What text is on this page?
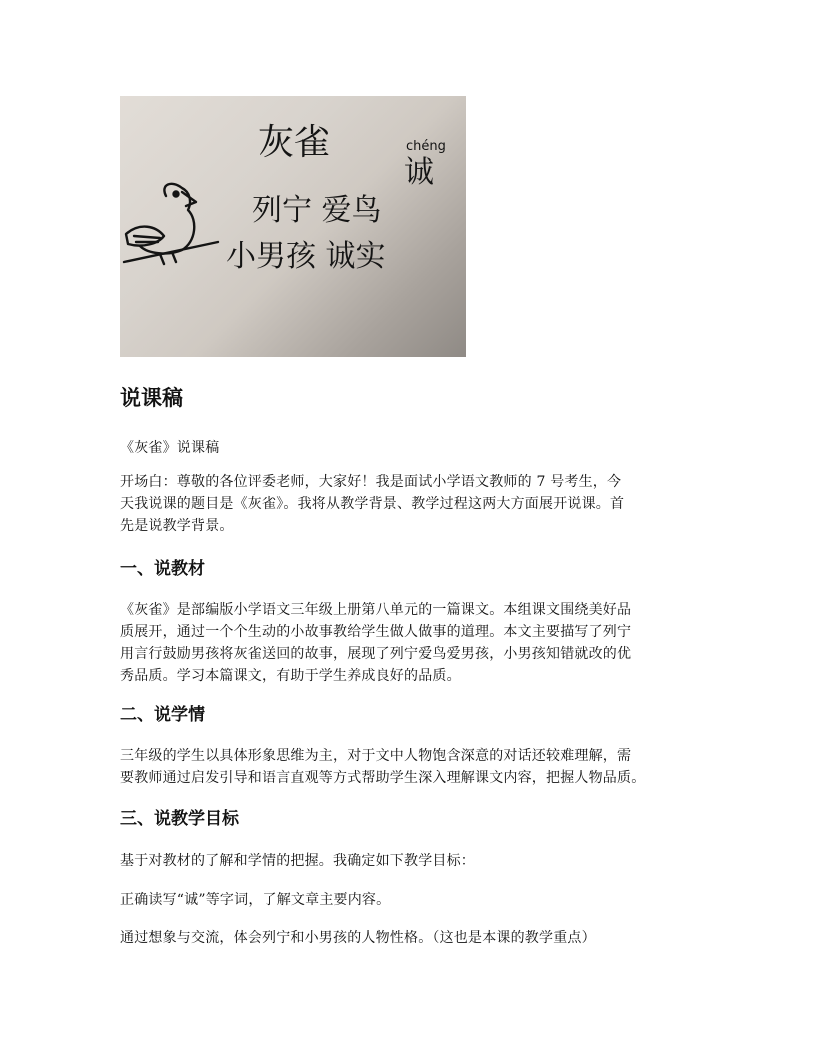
灰雀	chéng
诚
列宁 爱鸟
小男孩 诚实
说课稿

《灰雀》说课稿

开场白：尊敬的各位评委老师，大家好！我是面试小学语文教师的 7 号考生，今
天我说课的题目是《灰雀》。我将从教学背景、教学过程这两大方面展开说课。首
先是说教学背景。

一、说教材

《灰雀》是部编版小学语文三年级上册第八单元的一篇课文。本组课文围绕美好品
质展开，通过一个个生动的小故事教给学生做人做事的道理。本文主要描写了列宁
用言行鼓励男孩将灰雀送回的故事，展现了列宁爱鸟爱男孩，小男孩知错就改的优
秀品质。学习本篇课文，有助于学生养成良好的品质。

二、说学情

三年级的学生以具体形象思维为主，对于文中人物饱含深意的对话还较难理解，需
要教师通过启发引导和语言直观等方式帮助学生深入理解课文内容，把握人物品质。

三、说教学目标

基于对教材的了解和学情的把握。我确定如下教学目标：

正确读写“诚”等字词，了解文章主要内容。

通过想象与交流，体会列宁和小男孩的人物性格。（这也是本课的教学重点）
